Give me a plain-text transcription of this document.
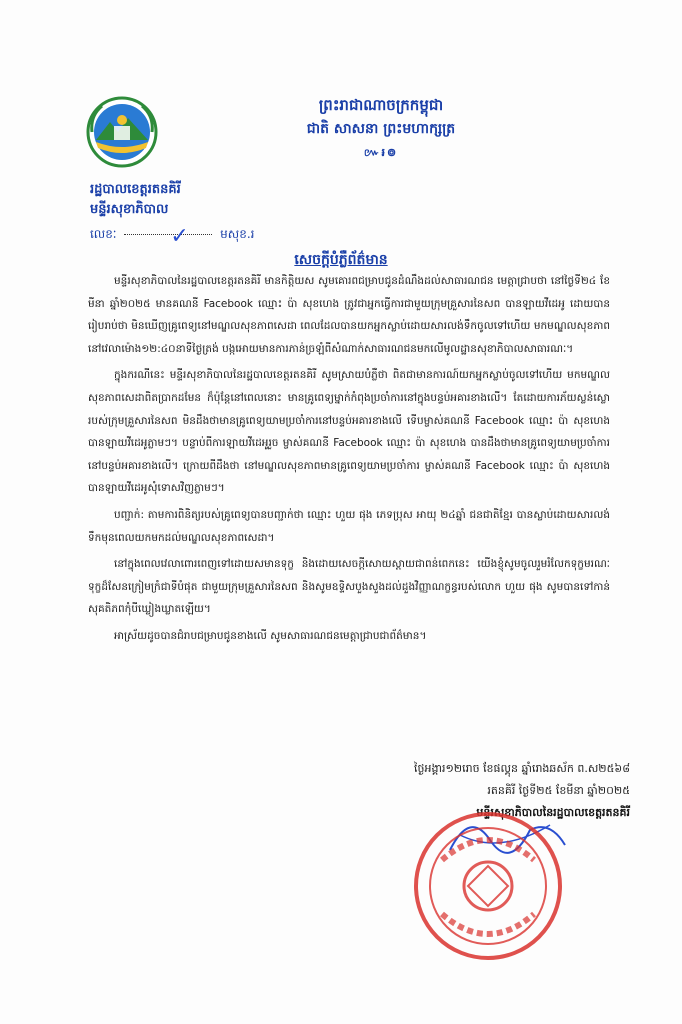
ព្រះរាជាណាចក្រកម្ពុជា
ជាតិ សាសនា ព្រះមហាក្សត្រ
៚៛៙
រដ្ឋបាលខេត្តរតនគិរី
មន្ទីរសុខាភិបាល
លេខៈ ✓	មសុខ.រ
សេចក្តីបំភ្លឺព័ត៌មាន

មន្ទីរសុខាភិបាលនៃរដ្ឋបាលខេត្តរតនគិរី មានកិត្តិយស សូមគោរពជម្រាបជូនដំណឹងដល់សាធារណជន មេត្តាជ្រាបថា នៅថ្ងៃទី២៤ ខែមីនា ឆ្នាំ២០២៥ មានគណនី Facebook ឈ្មោះ ប៉ា សុខហេង ត្រូវជាអ្នកធ្វើការជាមួយក្រុមគ្រួសារនៃសព បានឡាយវីដេអូ ដោយបានរៀបរាប់ថា មិនឃើញគ្រូពេទ្យនៅមណ្ឌលសុខភាពសេដា ពេលដែលបានយកអ្នកស្លាប់ដោយសារលង់ទឹកចូលទៅហើយ មកមណ្ឌលសុខភាព នៅវេលាម៉ោង១២:៤០នាទីថ្ងៃត្រង់ បង្កអោយមានការភាន់ច្រឡំពីសំណាក់សាធារណជនមកលើមូលដ្ឋានសុខាភិបាលសាធារណៈ។

ក្នុងករណីនេះ មន្ទីរសុខាភិបាលនៃរដ្ឋបាលខេត្តរតនគិរី សូមស្រាយបំភ្លឺថា ពិតជាមានការណ៍យកអ្នកស្លាប់ចូលទៅហើយ មកមណ្ឌលសុខភាពសេដាពិតប្រាកដមែន ក៏ប៉ុន្តែនៅពេលនោះ មានគ្រូពេទ្យម្នាក់កំពុងប្រចាំការនៅក្នុងបន្ទប់អគារខាងលើ។ តែដោយការភ័យស្លន់ស្លោរបស់ក្រុមគ្រួសារនៃសព មិនដឹងថាមានគ្រូពេទ្យយាមប្រចាំការនៅបន្ទប់អគារខាងលើ ទើបម្ចាស់គណនី Facebook ឈ្មោះ ប៉ា សុខហេង បានឡាយវីដេអូភ្លាមៗ។ បន្ទាប់ពីការឡាយវីដេអូរួច ម្ចាស់គណនី Facebook ឈ្មោះ ប៉ា សុខហេង បានដឹងថាមានគ្រូពេទ្យយាមប្រចាំការនៅបន្ទប់អគារខាងលើ។ ក្រោយពីដឹងថា នៅមណ្ឌលសុខភាពមានគ្រូពេទ្យយាមប្រចាំការ ម្ចាស់គណនី Facebook ឈ្មោះ ប៉ា សុខហេង បានឡាយវីដេអូសុំទោសវិញភ្លាមៗ។

បញ្ជាក់: តាមការពិនិត្យរបស់គ្រូពេទ្យបានបញ្ជាក់ថា ឈ្មោះ ហួយ ផុង ភេទប្រុស អាយុ ២៤ឆ្នាំ ជនជាតិខ្មែរ បានស្លាប់ដោយសារលង់ទឹកមុនពេលយកមកដល់មណ្ឌលសុខភាពសេដា។

នៅក្នុងពេលវេលាពោរពេញទៅដោយសមានទុក្ខ និងដោយសេចក្ដីសោយស្ដាយជាពន់ពេកនេះ យើងខ្ញុំសូមចូលរួមរំលែកទុក្ខមរណៈទុក្ខដ៏សែនក្រៀមក្រំជាទីបំផុត ជាមួយក្រុមគ្រួសារនៃសព និងសូមឧទ្ទិសបួងសួងដល់ដួងវិញ្ញាណក្ខន្ធរបស់លោក ហួយ ផុង សូមបានទៅកាន់សុគតិភពកុំបីឃ្លៀងឃ្លាតឡើយ។

អាស្រ័យដូចបានជំរាបជម្រាបជូនខាងលើ សូមសាធារណជនមេត្តាជ្រាបជាព័ត៌មាន។

ថ្ងៃអង្គារ១២រោច ខែផល្គុន ឆ្នាំរោងឆស័ក ព.ស២៥៦៨
រតនគិរី ថ្ងៃទី២៥ ខែមីនា ឆ្នាំ២០២៥
មន្ទីរសុខាភិបាលនៃរដ្ឋបាលខេត្តរតនគិរី
